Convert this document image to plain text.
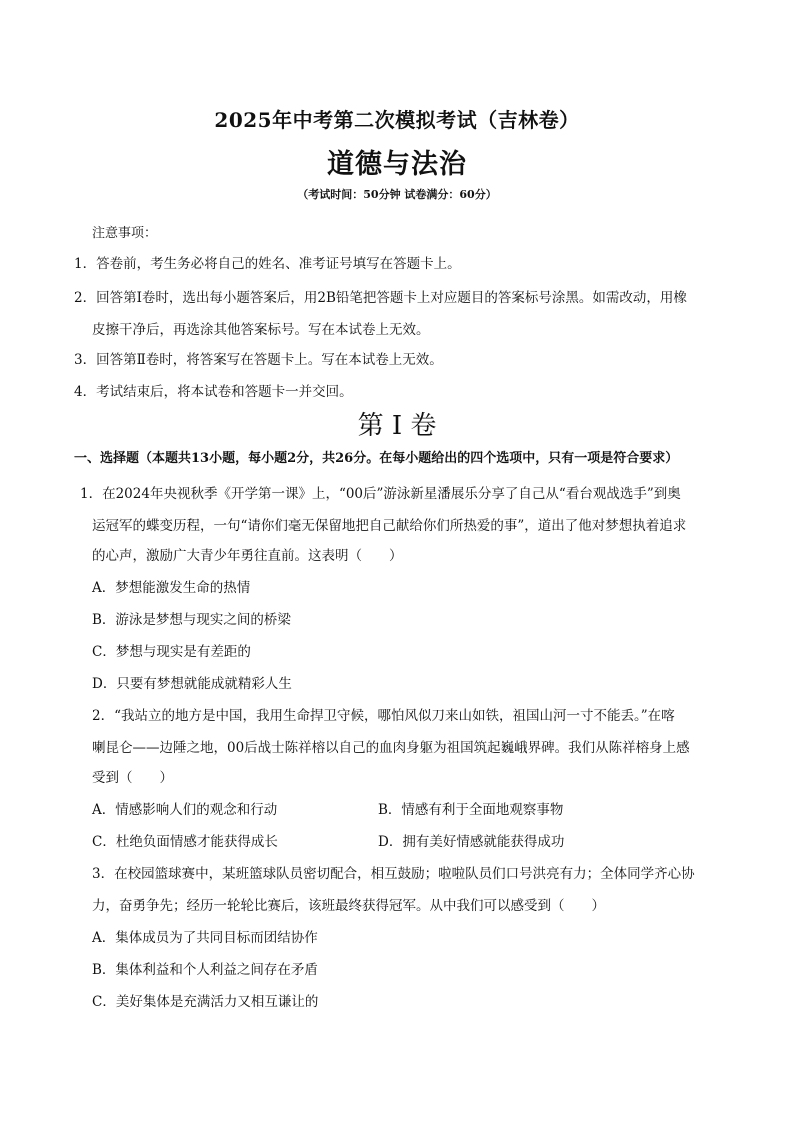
2025年中考第二次模拟考试（吉林卷）
道德与法治
（考试时间：50分钟 试卷满分：60分）
注意事项：
1．答卷前，考生务必将自己的姓名、准考证号填写在答题卡上。
2．回答第Ⅰ卷时，选出每小题答案后，用2B铅笔把答题卡上对应题目的答案标号涂黑。如需改动，用橡
皮擦干净后，再选涂其他答案标号。写在本试卷上无效。
3．回答第Ⅱ卷时，将答案写在答题卡上。写在本试卷上无效。
4．考试结束后，将本试卷和答题卡一并交回。
第 I 卷
一、选择题（本题共13小题，每小题2分，共26分。在每小题给出的四个选项中，只有一项是符合要求）
1．在2024年央视秋季《开学第一课》上，“00后”游泳新星潘展乐分享了自己从“看台观战选手”到奥
运冠军的蝶变历程，一句“请你们毫无保留地把自己献给你们所热爱的事”，道出了他对梦想执着追求
的心声，激励广大青少年勇往直前。这表明（　　）
A．梦想能激发生命的热情
B．游泳是梦想与现实之间的桥梁
C．梦想与现实是有差距的
D．只要有梦想就能成就精彩人生
2．“我站立的地方是中国，我用生命捍卫守候，哪怕风似刀来山如铁，祖国山河一寸不能丢。”在喀
喇昆仑——边陲之地，00后战士陈祥榕以自己的血肉身躯为祖国筑起巍峨界碑。我们从陈祥榕身上感
受到（　　）
A．情感影响人们的观念和行动	B．情感有利于全面地观察事物
C．杜绝负面情感才能获得成长	D．拥有美好情感就能获得成功
3．在校园篮球赛中，某班篮球队员密切配合，相互鼓励；啦啦队员们口号洪亮有力；全体同学齐心协
力，奋勇争先；经历一轮轮比赛后，该班最终获得冠军。从中我们可以感受到（　　）
A．集体成员为了共同目标而团结协作
B．集体利益和个人利益之间存在矛盾
C．美好集体是充满活力又相互谦让的
